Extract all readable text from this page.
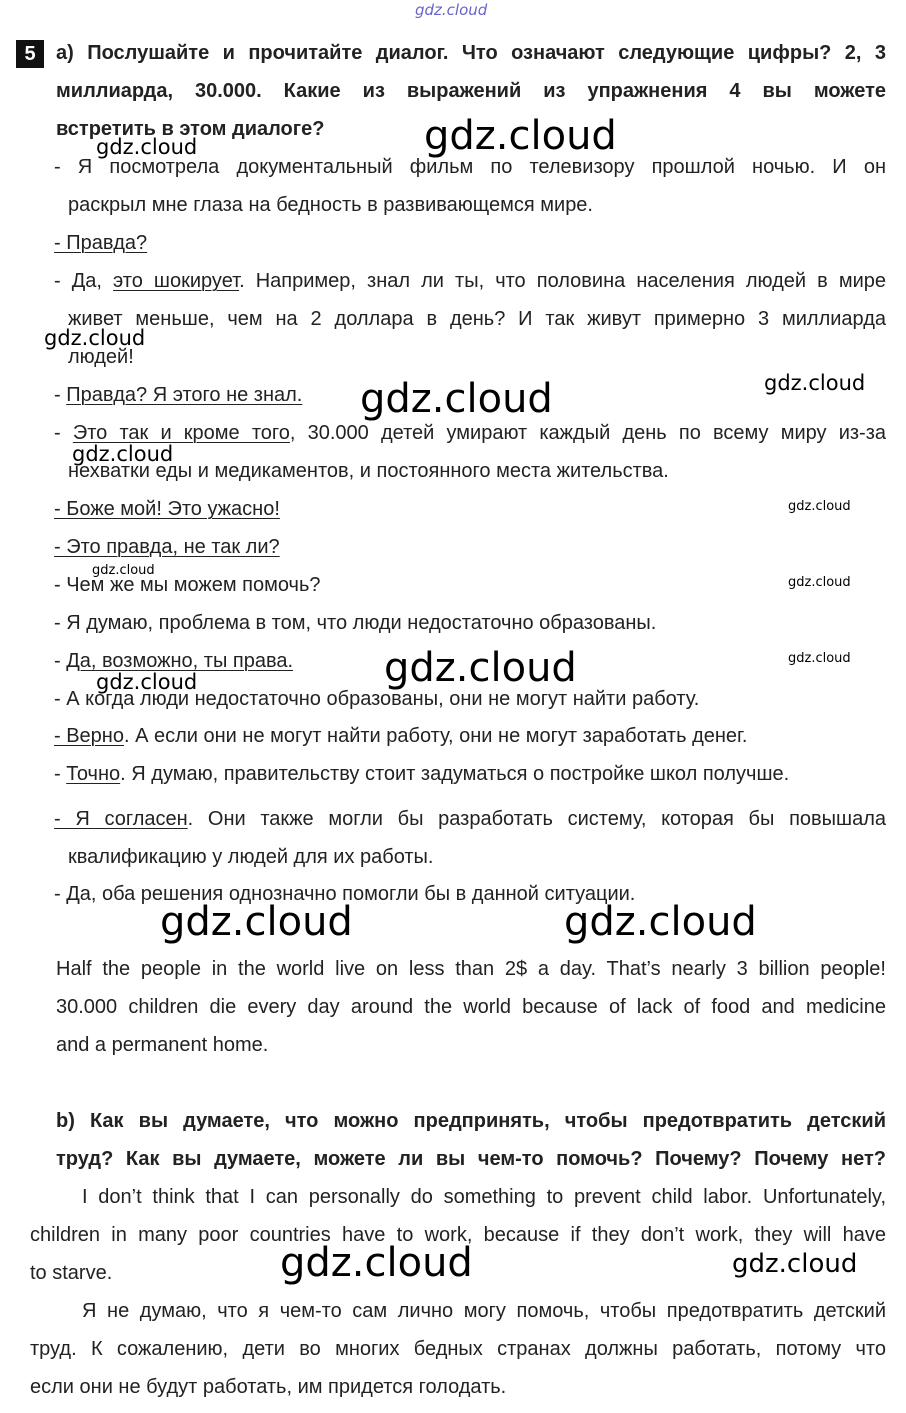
5	a) Послушайте и прочитайте диалог. Что означают следующие цифры? 2, 3
миллиарда, 30.000. Какие из выражений из упражнения 4 вы можете
встретить в этом диалоге?
- Я посмотрела документальный фильм по телевизору прошлой ночью. И он
раскрыл мне глаза на бедность в развивающемся мире.
- Правда?
- Да, это шокирует. Например, знал ли ты, что половина населения людей в мире
живет меньше, чем на 2 доллара в день? И так живут примерно 3 миллиарда
людей!
- Правда? Я этого не знал.
- Это так и кроме того, 30.000 детей умирают каждый день по всему миру из-за
нехватки еды и медикаментов, и постоянного места жительства.
- Боже мой! Это ужасно!
- Это правда, не так ли?
- Чем же мы можем помочь?
- Я думаю, проблема в том, что люди недостаточно образованы.
- Да, возможно, ты права.
- А когда люди недостаточно образованы, они не могут найти работу.
- Верно. А если они не могут найти работу, они не могут заработать денег.
- Точно. Я думаю, правительству стоит задуматься о постройке школ получше.
- Я согласен. Они также могли бы разработать систему, которая бы повышала
квалификацию у людей для их работы.
- Да, оба решения однозначно помогли бы в данной ситуации.
Half the people in the world live on less than 2$ a day. That’s nearly 3 billion people!
30.000 children die every day around the world because of lack of food and medicine
and a permanent home.
b) Как вы думаете, что можно предпринять, чтобы предотвратить детский
труд? Как вы думаете, можете ли вы чем-то помочь? Почему? Почему нет?
I don’t think that I can personally do something to prevent child labor. Unfortunately,
children in many poor countries have to work, because if they don’t work, they will have
to starve.
Я не думаю, что я чем-то сам лично могу помочь, чтобы предотвратить детский
труд. К сожалению, дети во многих бедных странах должны работать, потому что
если они не будут работать, им придется голодать.
gdz.cloud
gdz.cloud
gdz.cloud
gdz.cloud
gdz.cloud	gdz.cloud
gdz.cloud
gdz.cloud
gdz.cloud
gdz.cloud
gdz.cloud	gdz.cloud
gdz.cloud
gdz.cloud	gdz.cloud
gdz.cloud	gdz.cloud
